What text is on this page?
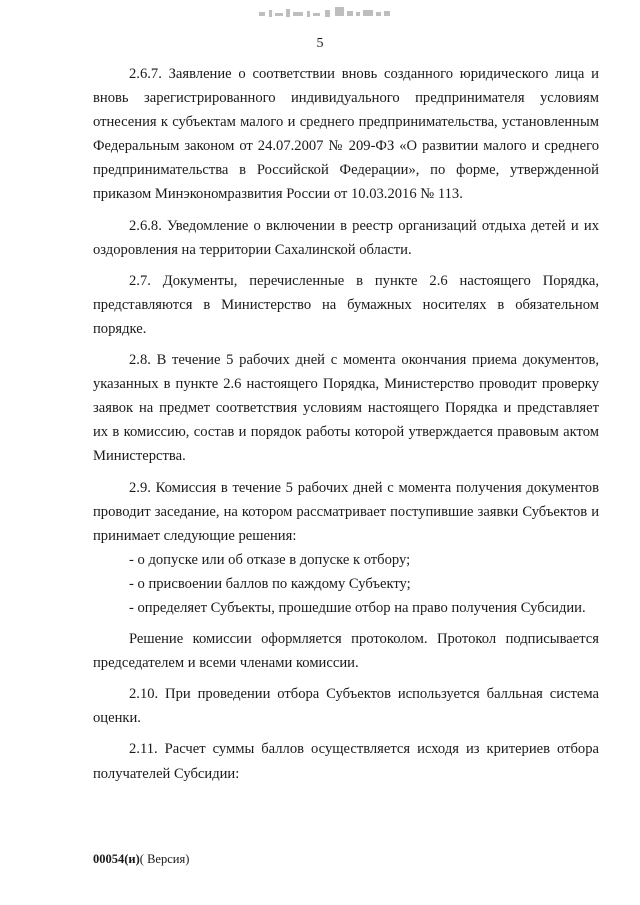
5

2.6.7. Заявление о соответствии вновь созданного юридического лица и вновь зарегистрированного индивидуального предпринимателя условиям отнесения к субъектам малого и среднего предпринимательства, установленным Федеральным законом от 24.07.2007 № 209-ФЗ «О развитии малого и среднего предпринимательства в Российской Федерации», по форме, утвержденной приказом Минэкономразвития России от 10.03.2016 № 113.

2.6.8. Уведомление о включении в реестр организаций отдыха детей и их оздоровления на территории Сахалинской области.

2.7. Документы, перечисленные в пункте 2.6 настоящего Порядка, представляются в Министерство на бумажных носителях в обязательном порядке.

2.8. В течение 5 рабочих дней с момента окончания приема документов, указанных в пункте 2.6 настоящего Порядка, Министерство проводит проверку заявок на предмет соответствия условиям настоящего Порядка и представляет их в комиссию, состав и порядок работы которой утверждается правовым актом Министерства.

2.9. Комиссия в течение 5 рабочих дней с момента получения документов проводит заседание, на котором рассматривает поступившие заявки Субъектов и принимает следующие решения:

- о допуске или об отказе в допуске к отбору;

- о присвоении баллов по каждому Субъекту;

- определяет Субъекты, прошедшие отбор на право получения Субсидии.

Решение комиссии оформляется протоколом. Протокол подписывается председателем и всеми членами комиссии.

2.10. При проведении отбора Субъектов используется балльная система оценки.

2.11. Расчет суммы баллов осуществляется исходя из критериев отбора получателей Субсидии:

00054(и)( Версия)
